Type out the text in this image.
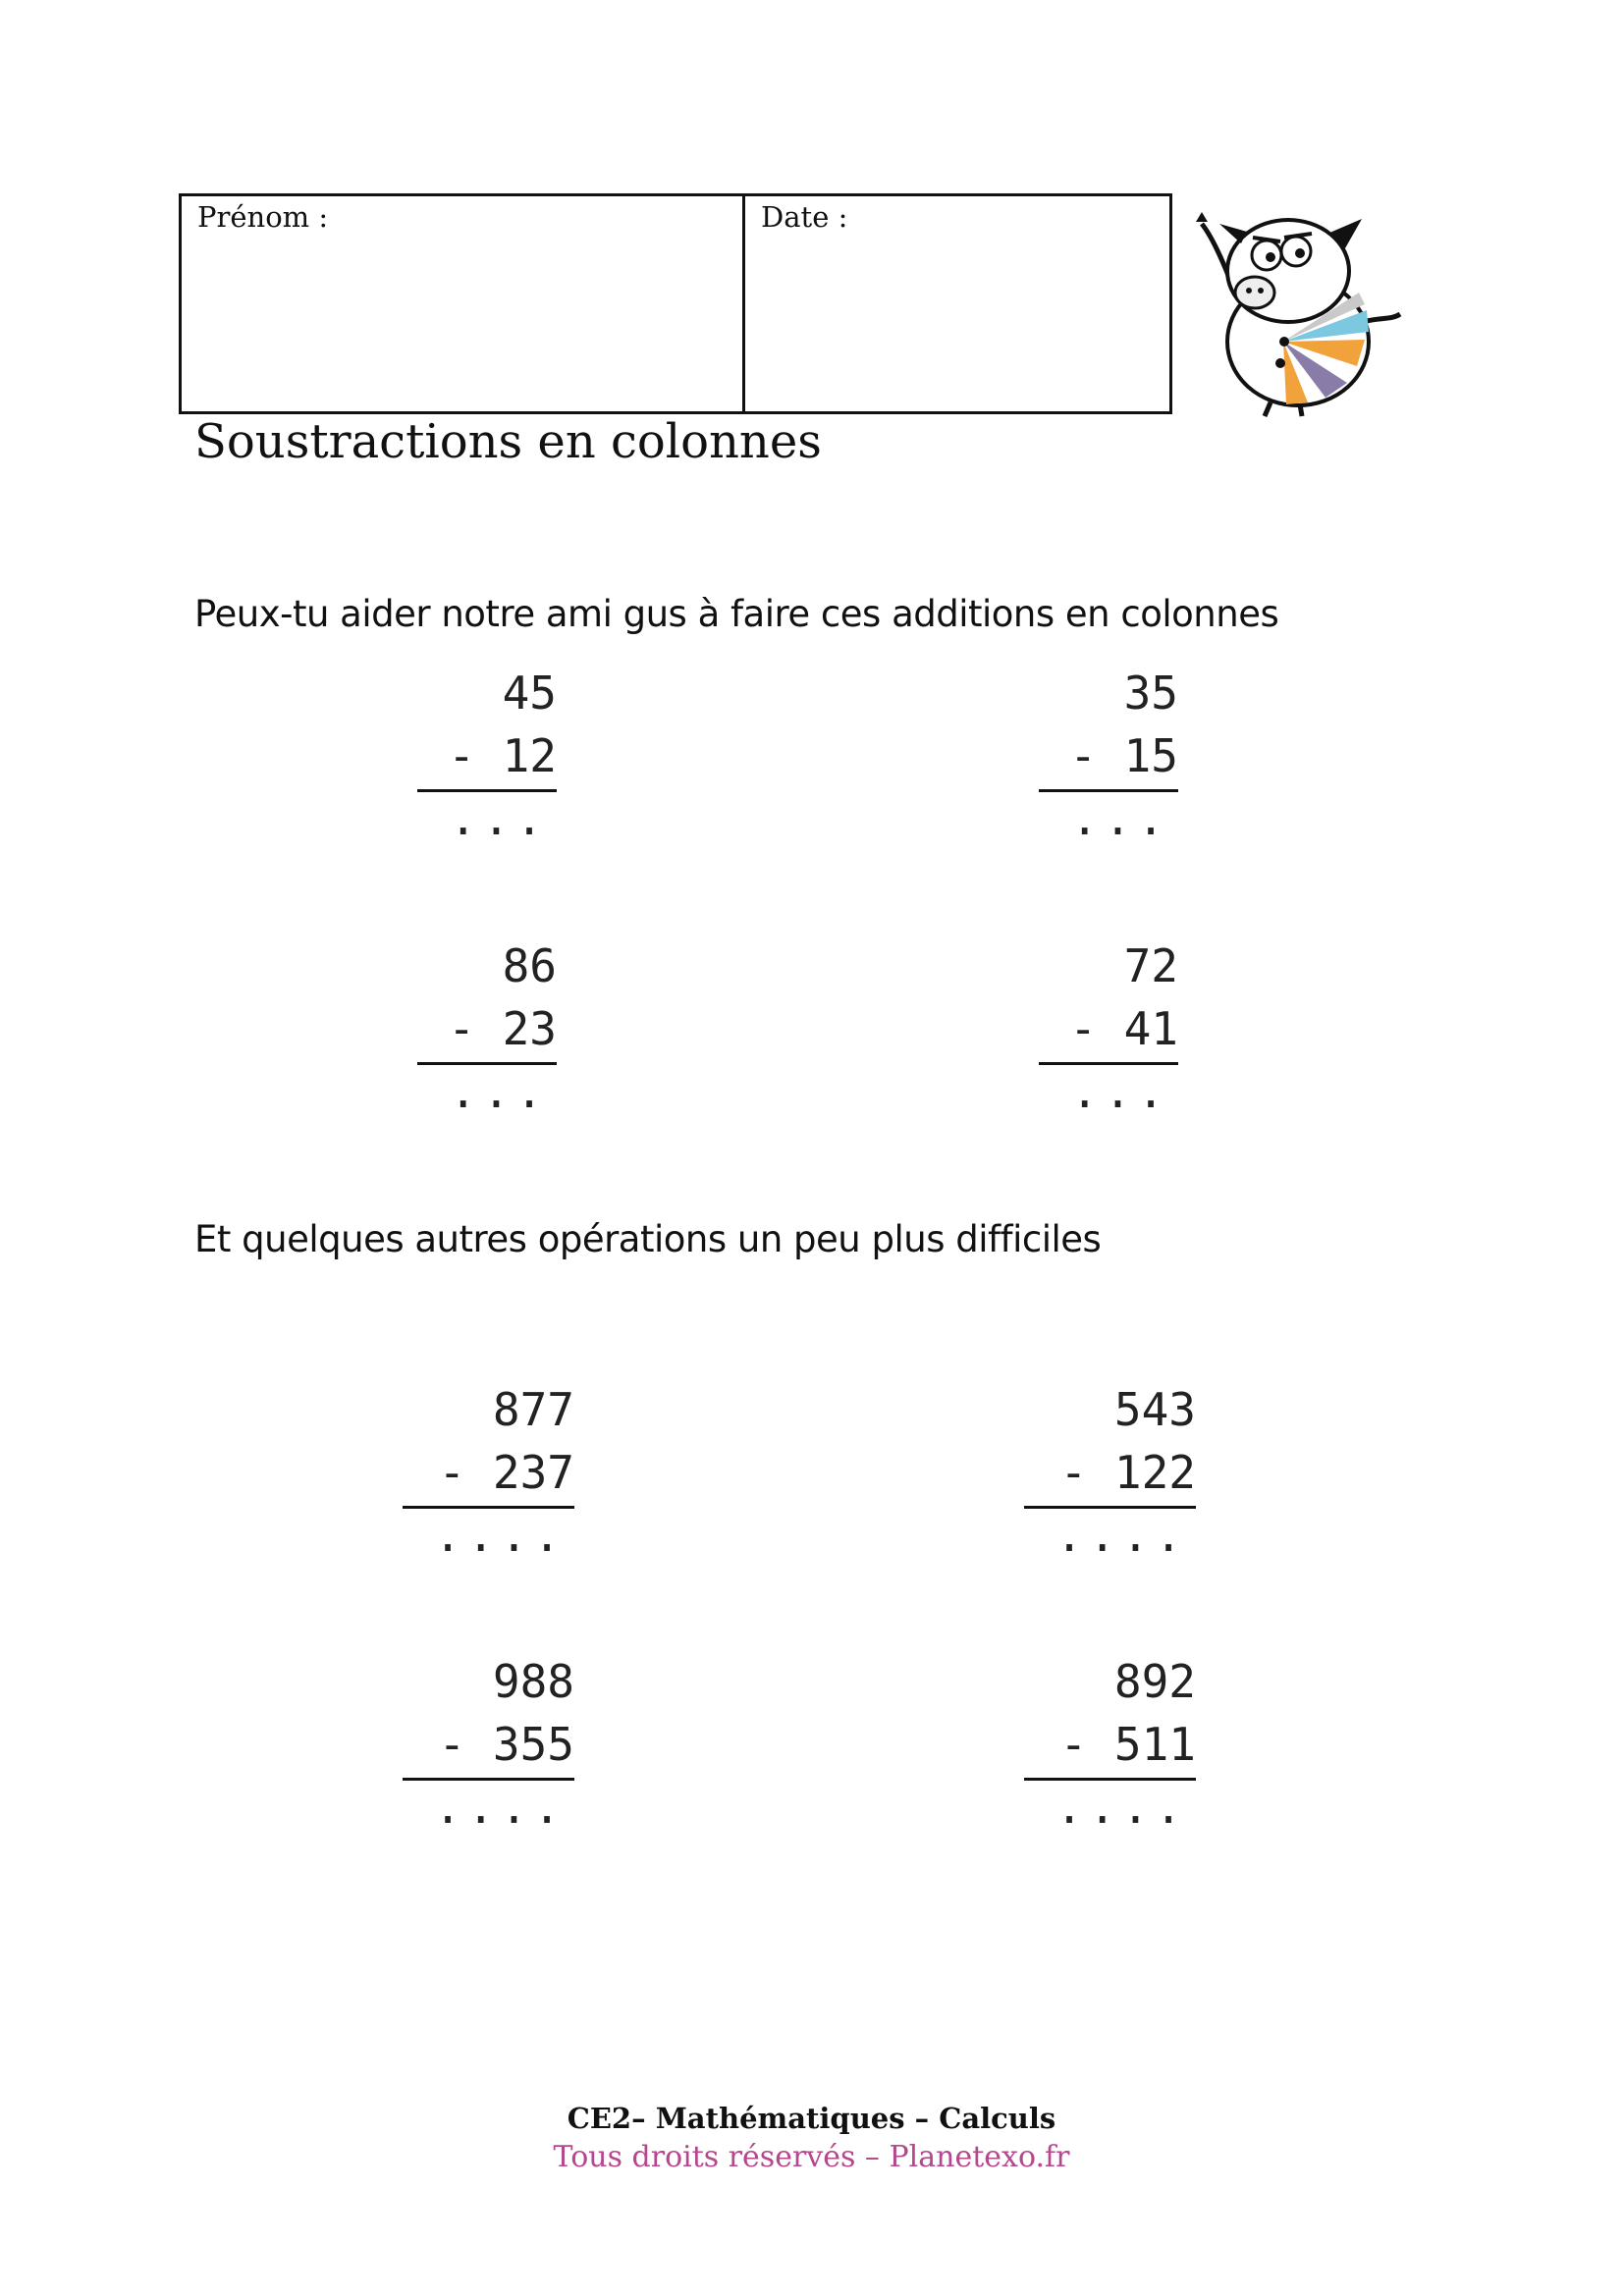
Prénom :	Date :
Soustractions en colonnes
Peux-tu aider notre ami gus à faire ces additions en colonnes
45
- 12
...
35
- 15
...
86
- 23
...
72
- 41
...
Et quelques autres opérations un peu plus difficiles
877
- 237
....
543
- 122
....
988
- 355
....
892
- 511
....
CE2– Mathématiques – Calculs
Tous droits réservés – Planetexo.fr
